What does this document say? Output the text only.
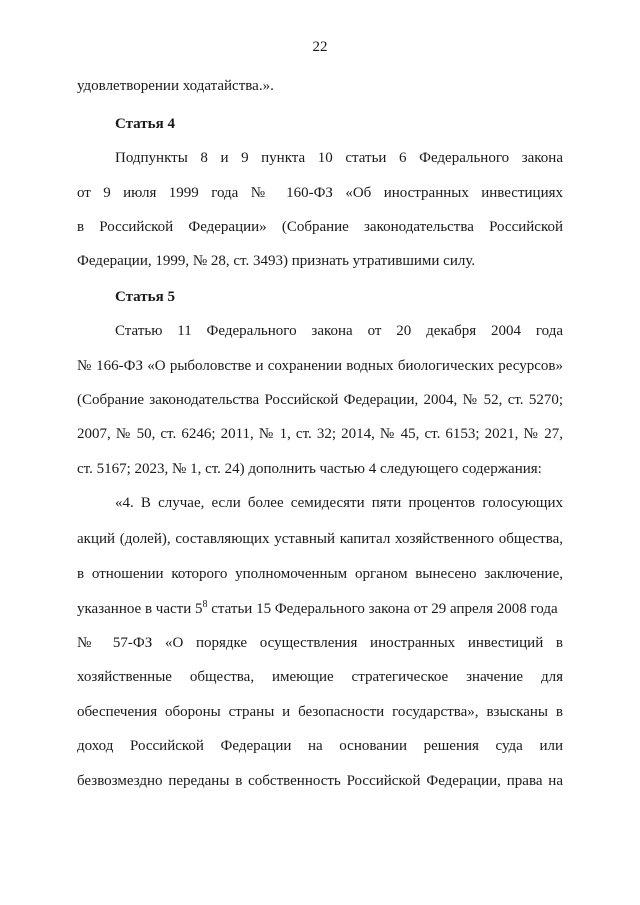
22
удовлетворении ходатайства.».
Статья 4
Подпункты 8 и 9 пункта 10 статьи 6 Федерального закона
от 9 июля 1999 года № 160-ФЗ «Об иностранных инвестициях
в Российской Федерации» (Собрание законодательства Российской
Федерации, 1999, № 28, ст. 3493) признать утратившими силу.
Статья 5
Статью 11 Федерального закона от 20 декабря 2004 года
№ 166-ФЗ «О рыболовстве и сохранении водных биологических ресурсов»
(Собрание законодательства Российской Федерации, 2004, № 52, ст. 5270;
2007, № 50, ст. 6246; 2011, № 1, ст. 32; 2014, № 45, ст. 6153; 2021, № 27,
ст. 5167; 2023, № 1, ст. 24) дополнить частью 4 следующего содержания:
«4. В случае, если более семидесяти пяти процентов голосующих
акций (долей), составляющих уставный капитал хозяйственного общества,
в отношении которого уполномоченным органом вынесено заключение,
указанное в части $5^8$ статьи 15 Федерального закона от 29 апреля 2008 года
№ 57-ФЗ «О порядке осуществления иностранных инвестиций в
хозяйственные общества, имеющие стратегическое значение для
обеспечения обороны страны и безопасности государства», взысканы в
доход Российской Федерации на основании решения суда или
безвозмездно переданы в собственность Российской Федерации, права на
